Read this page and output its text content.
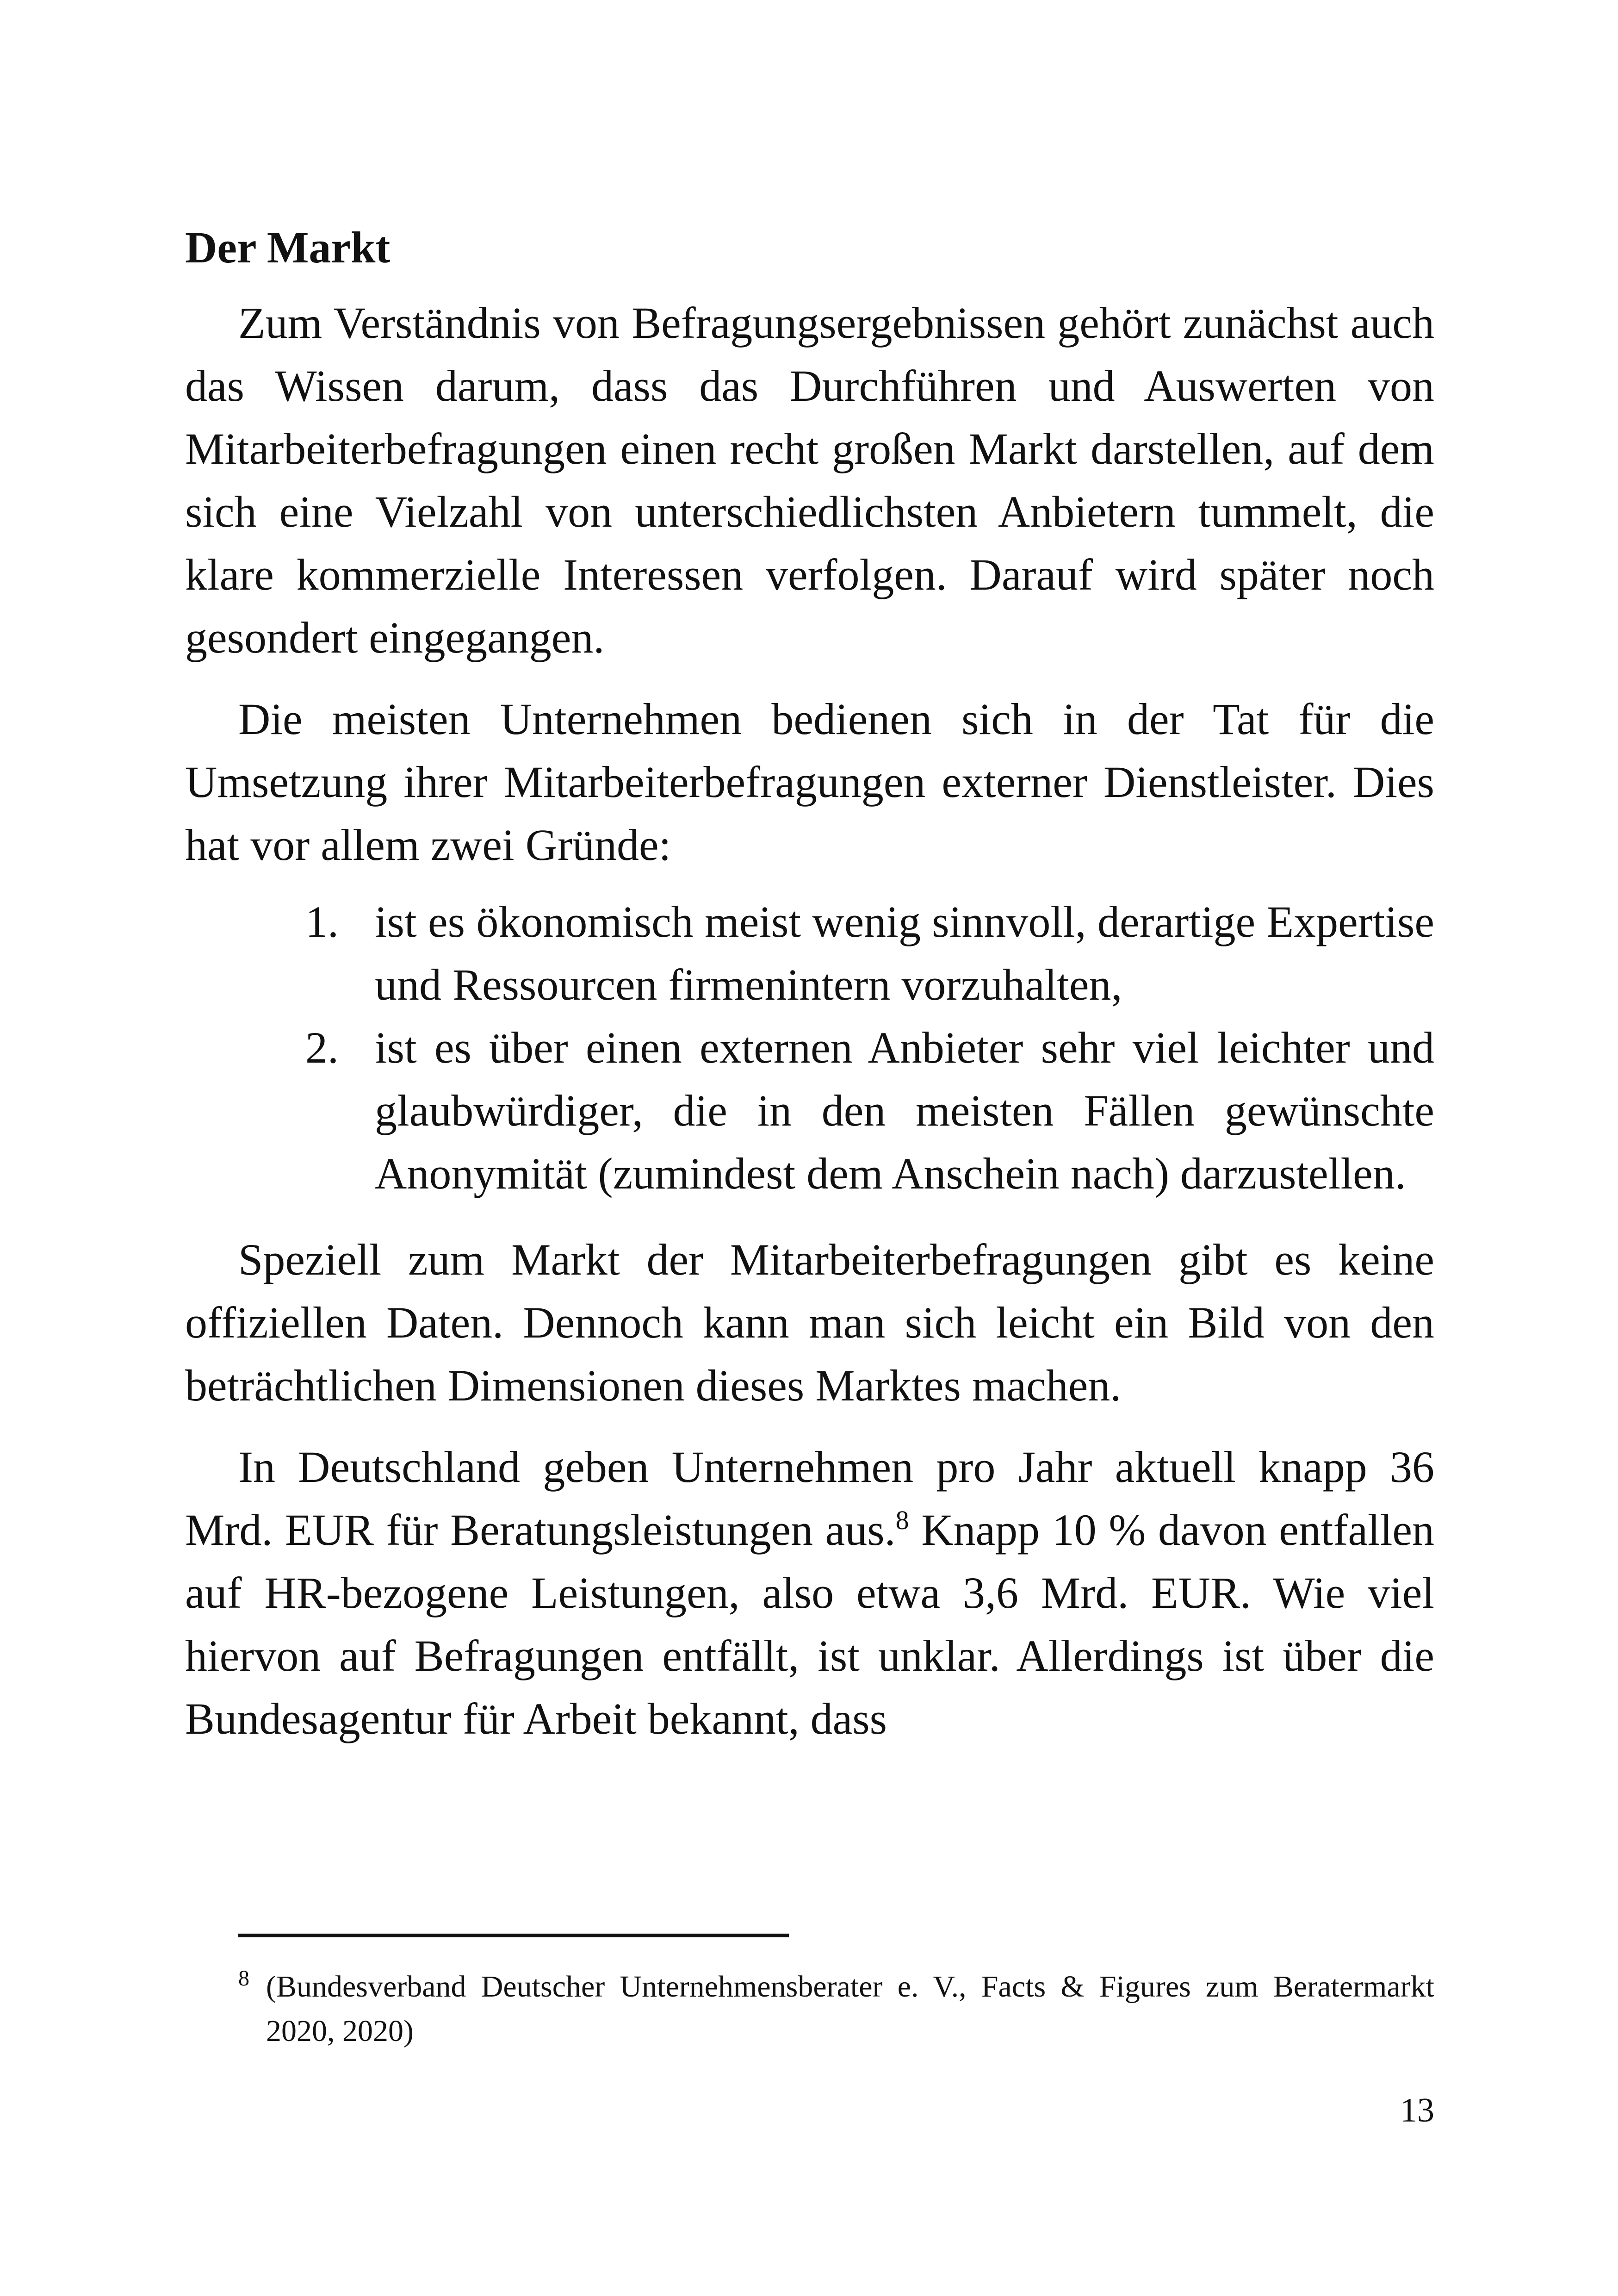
Der Markt

Zum Verständnis von Befragungsergebnissen gehört zunächst auch das Wissen darum, dass das Durchführen und Auswerten von Mitarbeiterbefragungen einen recht großen Markt darstellen, auf dem sich eine Vielzahl von unterschiedlichsten Anbietern tummelt, die klare kommerzielle Interessen verfolgen. Darauf wird später noch gesondert eingegangen.

Die meisten Unternehmen bedienen sich in der Tat für die Umsetzung ihrer Mitarbeiterbefragungen externer Dienstleister. Dies hat vor allem zwei Gründe:

1. ist es ökonomisch meist wenig sinnvoll, derartige Expertise und Ressourcen firmenintern vorzuhalten,
2. ist es über einen externen Anbieter sehr viel leichter und glaubwürdiger, die in den meisten Fällen gewünschte Anonymität (zumindest dem Anschein nach) darzustellen.

Speziell zum Markt der Mitarbeiterbefragungen gibt es keine offiziellen Daten. Dennoch kann man sich leicht ein Bild von den beträchtlichen Dimensionen dieses Marktes machen.

In Deutschland geben Unternehmen pro Jahr aktuell knapp 36 Mrd. EUR für Beratungsleistungen aus.$^8$ Knapp 10 % davon entfallen auf HR-bezogene Leistungen, also etwa 3,6 Mrd. EUR. Wie viel hiervon auf Befragungen entfällt, ist unklar. Allerdings ist über die Bundesagentur für Arbeit bekannt, dass

8 (Bundesverband Deutscher Unternehmensberater e. V., Facts & Figures zum Beratermarkt 2020, 2020)
13
